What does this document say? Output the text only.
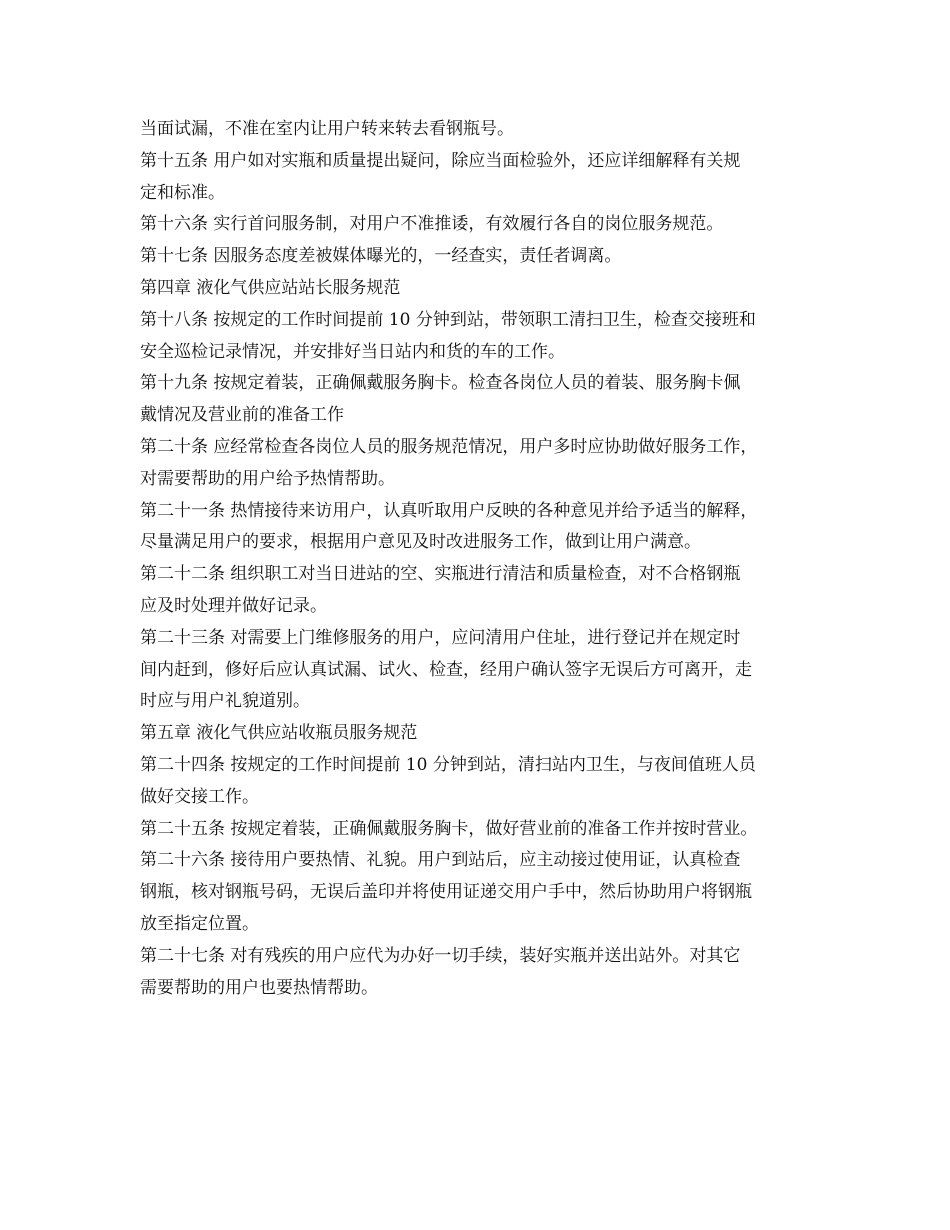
当面试漏，不准在室内让用户转来转去看钢瓶号。
第十五条 用户如对实瓶和质量提出疑问，除应当面检验外，还应详细解释有关规
定和标准。
第十六条 实行首问服务制，对用户不准推诿，有效履行各自的岗位服务规范。
第十七条 因服务态度差被媒体曝光的，一经查实，责任者调离。
第四章 液化气供应站站长服务规范
第十八条 按规定的工作时间提前 10 分钟到站，带领职工清扫卫生，检查交接班和
安全巡检记录情况，并安排好当日站内和货的车的工作。
第十九条 按规定着装，正确佩戴服务胸卡。检查各岗位人员的着装、服务胸卡佩
戴情况及营业前的准备工作
第二十条 应经常检查各岗位人员的服务规范情况，用户多时应协助做好服务工作，
对需要帮助的用户给予热情帮助。
第二十一条 热情接待来访用户，认真听取用户反映的各种意见并给予适当的解释，
尽量满足用户的要求，根据用户意见及时改进服务工作，做到让用户满意。
第二十二条 组织职工对当日进站的空、实瓶进行清洁和质量检查，对不合格钢瓶
应及时处理并做好记录。
第二十三条 对需要上门维修服务的用户，应问清用户住址，进行登记并在规定时
间内赶到，修好后应认真试漏、试火、检查，经用户确认签字无误后方可离开，走
时应与用户礼貌道别。
第五章 液化气供应站收瓶员服务规范
第二十四条 按规定的工作时间提前 10 分钟到站，清扫站内卫生，与夜间值班人员
做好交接工作。
第二十五条 按规定着装，正确佩戴服务胸卡，做好营业前的准备工作并按时营业。
第二十六条 接待用户要热情、礼貌。用户到站后，应主动接过使用证，认真检查
钢瓶，核对钢瓶号码，无误后盖印并将使用证递交用户手中，然后协助用户将钢瓶
放至指定位置。
第二十七条 对有残疾的用户应代为办好一切手续，装好实瓶并送出站外。对其它
需要帮助的用户也要热情帮助。
